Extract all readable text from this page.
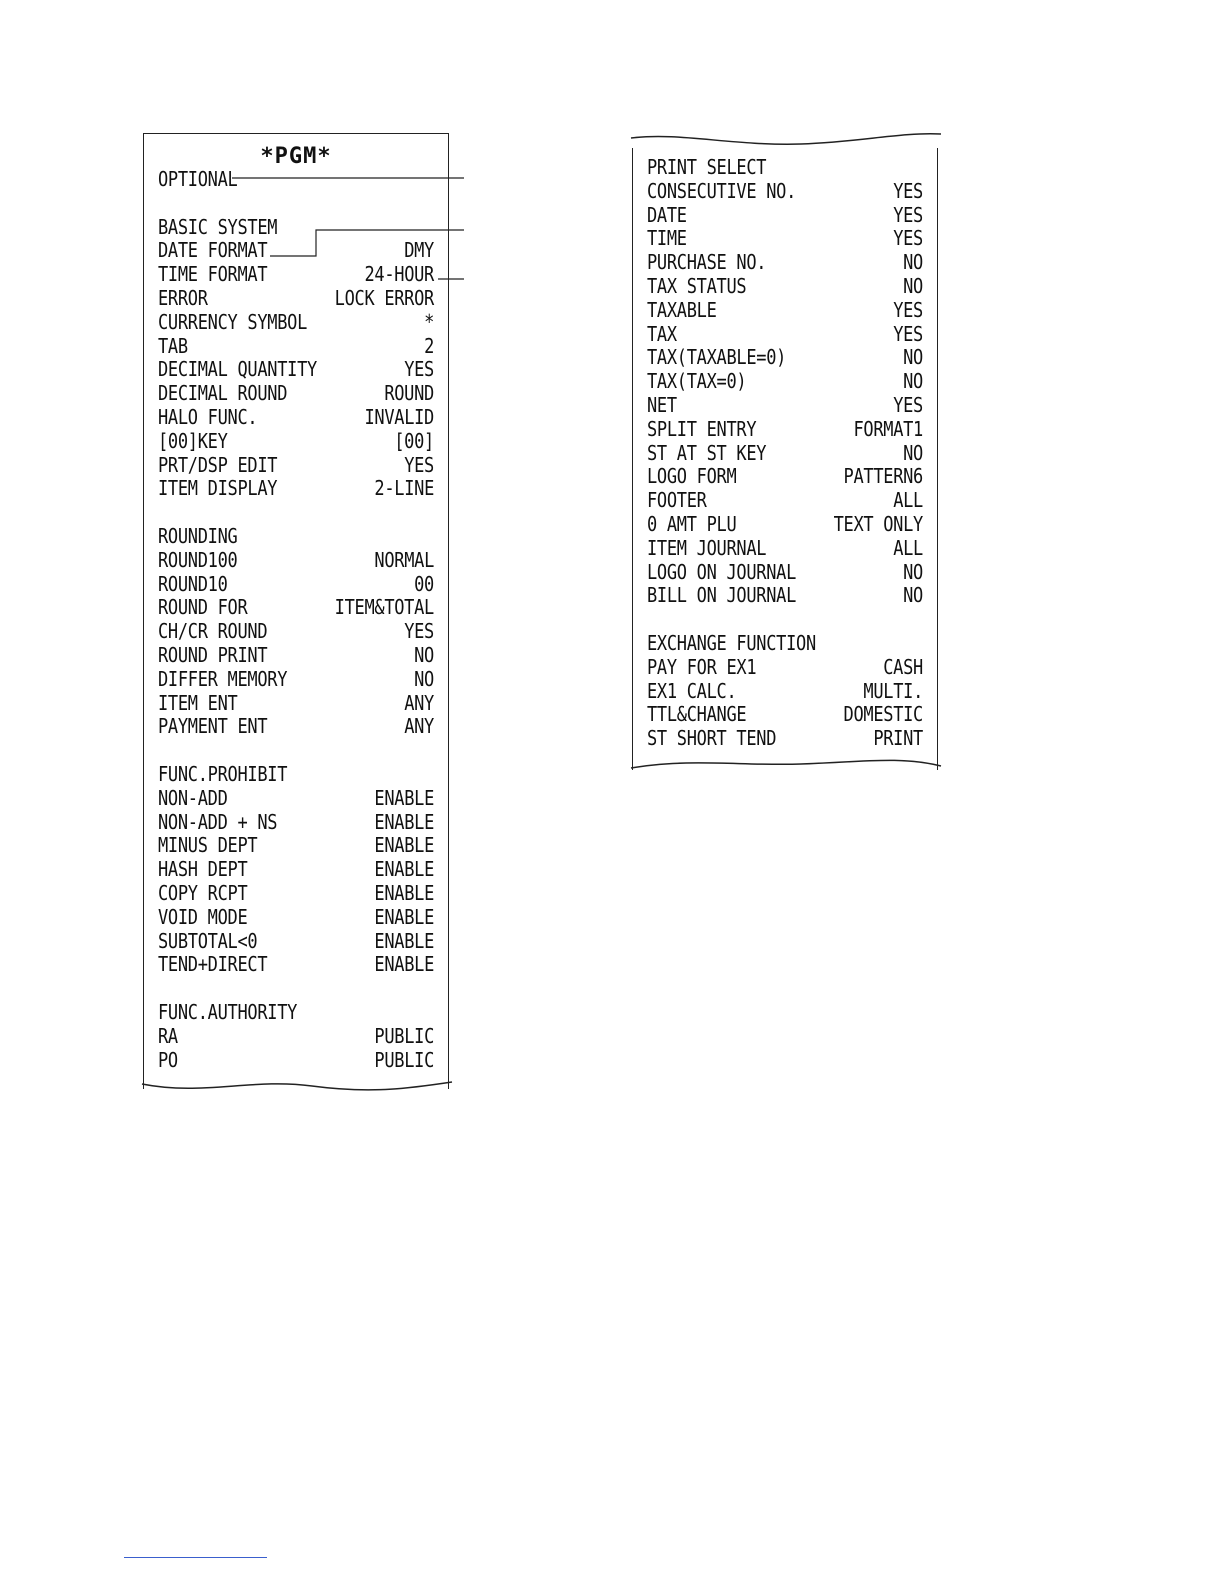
*PGM*
OPTIONAL
BASIC SYSTEM
DATE FORMAT	DMY
TIME FORMAT	24-HOUR
ERROR	LOCK ERROR
CURRENCY SYMBOL	*
TAB	2
DECIMAL QUANTITY	YES
DECIMAL ROUND	ROUND
HALO FUNC.	INVALID
[00]KEY	[00]
PRT/DSP EDIT	YES
ITEM DISPLAY	2-LINE
ROUNDING
ROUND100	NORMAL
ROUND10	00
ROUND FOR	ITEM&TOTAL
CH/CR ROUND	YES
ROUND PRINT	NO
DIFFER MEMORY	NO
ITEM ENT	ANY
PAYMENT ENT	ANY
FUNC.PROHIBIT
NON-ADD	ENABLE
NON-ADD + NS	ENABLE
MINUS DEPT	ENABLE
HASH DEPT	ENABLE
COPY RCPT	ENABLE
VOID MODE	ENABLE
SUBTOTAL<0	ENABLE
TEND+DIRECT	ENABLE
FUNC.AUTHORITY
RA	PUBLIC
PO	PUBLIC
PRINT SELECT
CONSECUTIVE NO.	YES
DATE	YES
TIME	YES
PURCHASE NO.	NO
TAX STATUS	NO
TAXABLE	YES
TAX	YES
TAX(TAXABLE=0)	NO
TAX(TAX=0)	NO
NET	YES
SPLIT ENTRY	FORMAT1
ST AT ST KEY	NO
LOGO FORM	PATTERN6
FOOTER	ALL
0 AMT PLU	TEXT ONLY
ITEM JOURNAL	ALL
LOGO ON JOURNAL	NO
BILL ON JOURNAL	NO
EXCHANGE FUNCTION
PAY FOR EX1	CASH
EX1 CALC.	MULTI.
TTL&CHANGE	DOMESTIC
ST SHORT TEND	PRINT
